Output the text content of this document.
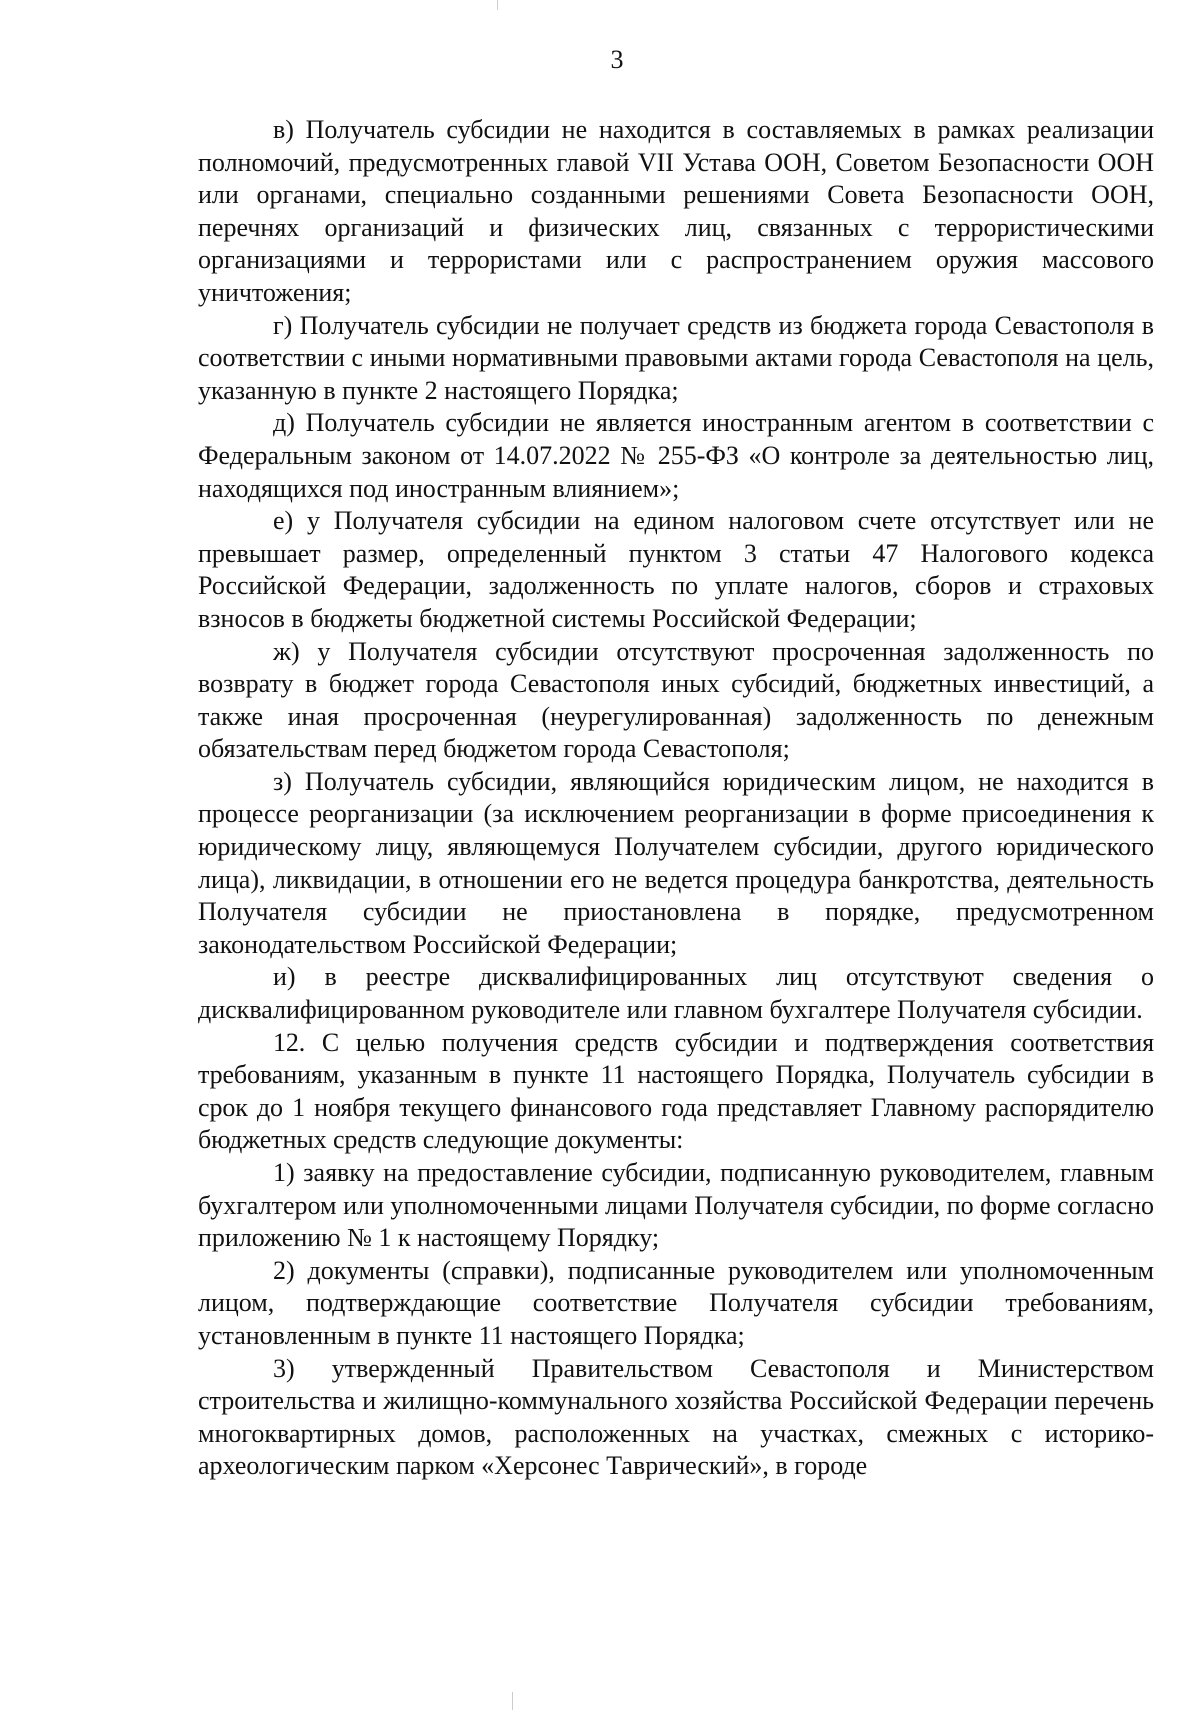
3

в) Получатель субсидии не находится в составляемых в рамках реализации полномочий, предусмотренных главой VII Устава ООН, Советом Безопасности ООН или органами, специально созданными решениями Совета Безопасности ООН, перечнях организаций и физических лиц, связанных с террористическими организациями и террористами или с распространением оружия массового уничтожения;

г) Получатель субсидии не получает средств из бюджета города Севастополя в соответствии с иными нормативными правовыми актами города Севастополя на цель, указанную в пункте 2 настоящего Порядка;

д) Получатель субсидии не является иностранным агентом в соответствии с Федеральным законом от 14.07.2022 № 255-ФЗ «О контроле за деятельностью лиц, находящихся под иностранным влиянием»;

е) у Получателя субсидии на едином налоговом счете отсутствует или не превышает размер, определенный пунктом 3 статьи 47 Налогового кодекса Российской Федерации, задолженность по уплате налогов, сборов и страховых взносов в бюджеты бюджетной системы Российской Федерации;

ж) у Получателя субсидии отсутствуют просроченная задолженность по возврату в бюджет города Севастополя иных субсидий, бюджетных инвестиций, а также иная просроченная (неурегулированная) задолженность по денежным обязательствам перед бюджетом города Севастополя;

з) Получатель субсидии, являющийся юридическим лицом, не находится в процессе реорганизации (за исключением реорганизации в форме присоединения к юридическому лицу, являющемуся Получателем субсидии, другого юридического лица), ликвидации, в отношении его не ведется процедура банкротства, деятельность Получателя субсидии не приостановлена в порядке, предусмотренном законодательством Российской Федерации;

и) в реестре дисквалифицированных лиц отсутствуют сведения о дисквалифицированном руководителе или главном бухгалтере Получателя субсидии.

12. С целью получения средств субсидии и подтверждения соответствия требованиям, указанным в пункте 11 настоящего Порядка, Получатель субсидии в срок до 1 ноября текущего финансового года представляет Главному распорядителю бюджетных средств следующие документы:

1) заявку на предоставление субсидии, подписанную руководителем, главным бухгалтером или уполномоченными лицами Получателя субсидии, по форме согласно приложению № 1 к настоящему Порядку;

2) документы (справки), подписанные руководителем или уполномоченным лицом, подтверждающие соответствие Получателя субсидии требованиям, установленным в пункте 11 настоящего Порядка;

3) утвержденный Правительством Севастополя и Министерством строительства и жилищно-коммунального хозяйства Российской Федерации перечень многоквартирных домов, расположенных на участках, смежных с историко-археологическим парком «Херсонес Таврический», в городе
